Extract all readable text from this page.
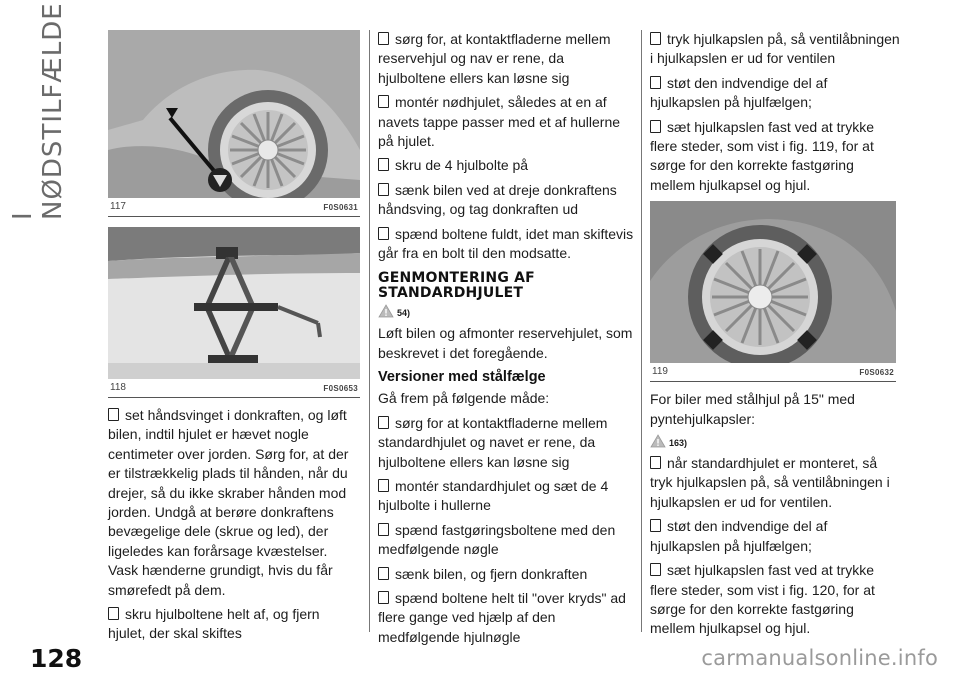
I NØDSTILFÆLDE
128
117	F0S0631
118	F0S0653

set håndsvinget i donkraften, og løft bilen, indtil hjulet er hævet nogle centimeter over jorden. Sørg for, at der er tilstrækkelig plads til hånden, når du drejer, så du ikke skraber hånden mod jorden. Undgå at berøre donkraftens bevægelige dele (skrue og led), der ligeledes kan forårsage kvæstelser. Vask hænderne grundigt, hvis du får smørefedt på dem.

skru hjulboltene helt af, og fjern hjulet, der skal skiftes

sørg for, at kontaktfladerne mellem reservehjul og nav er rene, da hjulboltene ellers kan løsne sig

montér nødhjulet, således at en af navets tappe passer med et af hullerne på hjulet.

skru de 4 hjulbolte på

sænk bilen ved at dreje donkraftens håndsving, og tag donkraften ud

spænd boltene fuldt, idet man skiftevis går fra en bolt til den modsatte.

GENMONTERING AF
STANDARDHJULET
54)

Løft bilen og afmonter reservehjulet, som beskrevet i det foregående.

Versioner med stålfælge

Gå frem på følgende måde:

sørg for at kontaktfladerne mellem standardhjulet og navet er rene, da hjulboltene ellers kan løsne sig

montér standardhjulet og sæt de 4 hjulbolte i hullerne

spænd fastgøringsboltene med den medfølgende nøgle

sænk bilen, og fjern donkraften

spænd boltene helt til "over kryds" ad flere gange ved hjælp af den medfølgende hjulnøgle

tryk hjulkapslen på, så ventilåbningen i hjulkapslen er ud for ventilen

støt den indvendige del af hjulkapslen på hjulfælgen;

sæt hjulkapslen fast ved at trykke flere steder, som vist i fig. 119, for at sørge for den korrekte fastgøring mellem hjulkapsel og hjul.

119	F0S0632

For biler med stålhjul på 15" med pyntehjulkapsler:

163)

når standardhjulet er monteret, så tryk hjulkapslen på, så ventilåbningen i hjulkapslen er ud for ventilen.

støt den indvendige del af hjulkapslen på hjulfælgen;

sæt hjulkapslen fast ved at trykke flere steder, som vist i fig. 120, for at sørge for den korrekte fastgøring mellem hjulkapsel og hjul.

carmanualsonline.info
